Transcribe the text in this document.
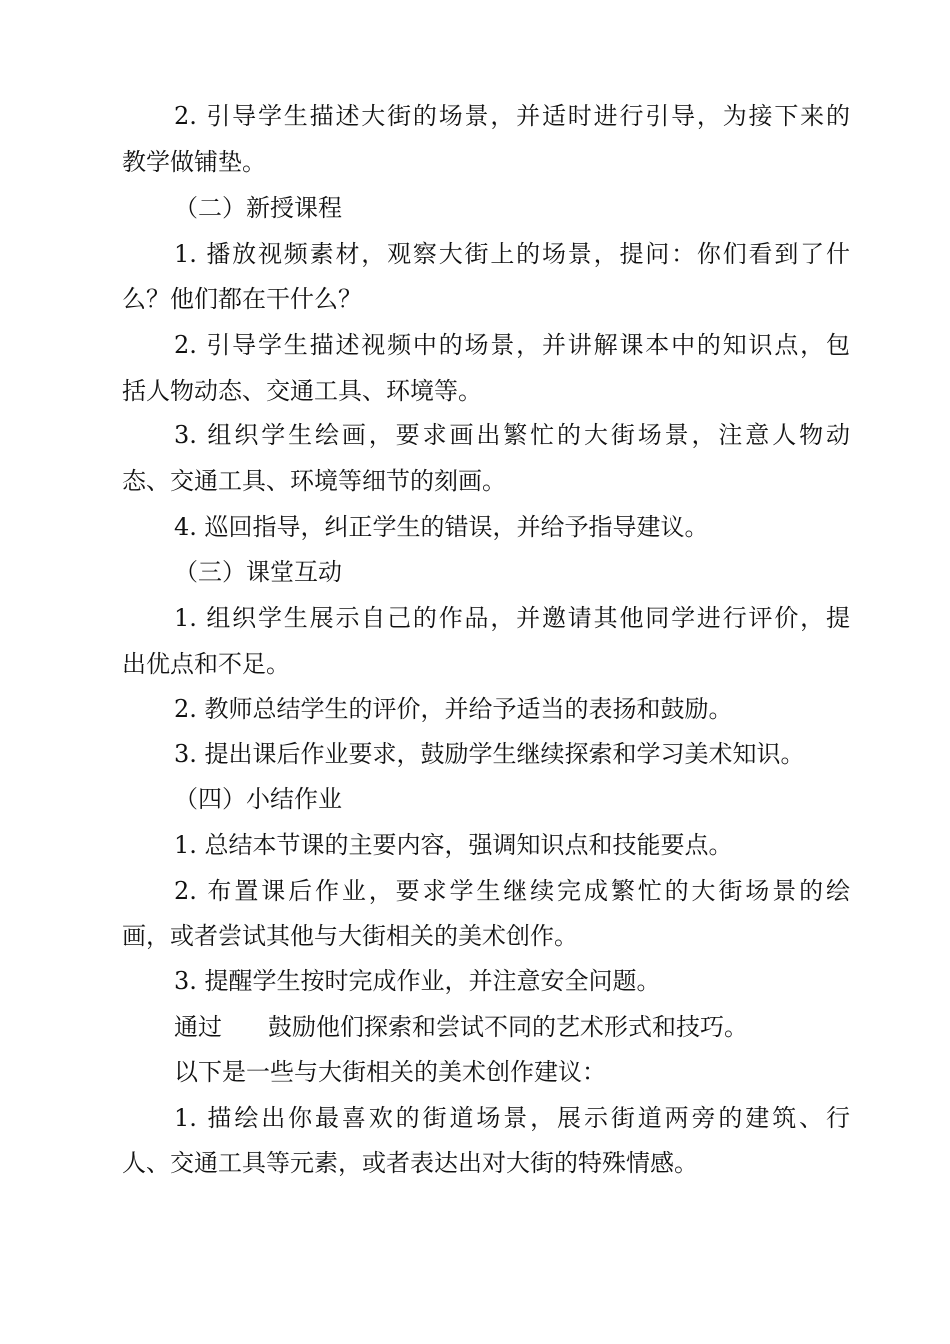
2. 引导学生描述大街的场景，并适时进行引导，为接下来的
教学做铺垫。
（二）新授课程
1. 播放视频素材，观察大街上的场景，提问：你们看到了什
么？他们都在干什么？
2. 引导学生描述视频中的场景，并讲解课本中的知识点，包
括人物动态、交通工具、环境等。
3. 组织学生绘画，要求画出繁忙的大街场景，注意人物动
态、交通工具、环境等细节的刻画。
4. 巡回指导，纠正学生的错误，并给予指导建议。
（三）课堂互动
1. 组织学生展示自己的作品，并邀请其他同学进行评价，提
出优点和不足。
2. 教师总结学生的评价，并给予适当的表扬和鼓励。
3. 提出课后作业要求，鼓励学生继续探索和学习美术知识。
（四）小结作业
1. 总结本节课的主要内容，强调知识点和技能要点。
2. 布置课后作业，要求学生继续完成繁忙的大街场景的绘
画，或者尝试其他与大街相关的美术创作。
3. 提醒学生按时完成作业，并注意安全问题。
通过 鼓励他们探索和尝试不同的艺术形式和技巧。
以下是一些与大街相关的美术创作建议：
1. 描绘出你最喜欢的街道场景，展示街道两旁的建筑、行
人、交通工具等元素，或者表达出对大街的特殊情感。
